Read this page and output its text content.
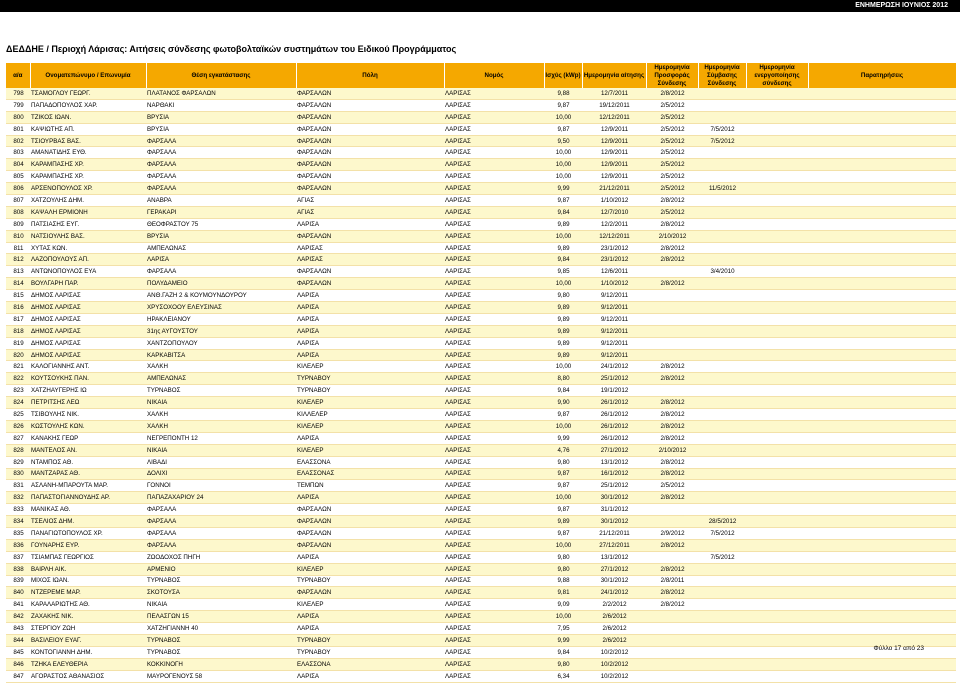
ΕΝΗΜΕΡΩΣΗ ΙΟΥΝΙΟΣ 2012
ΔΕΔΔΗΕ / Περιοχή Λάρισας: Αιτήσεις σύνδεσης φωτοβολταϊκών συστημάτων του Ειδικού Προγράμματος
α/α	Ονοματεπώνυμο / Επωνυμία	Θέση εγκατάστασης	Πόλη	Νομός	Ισχύς (kWp)	Ημερομηνία αίτησης	Ημερομηνία Προσφοράς Σύνδεσης	Ημερομηνία Σύμβασης Σύνδεσης	Ημερομηνία ενεργοποίησης σύνδεσης	Παρατηρήσεις
798	ΤΣΑΜΟΓΛΟΥ ΓΕΩΡΓ.	ΠΛΑΤΑΝΟΣ ΦΑΡΣΑΛΩΝ	ΦΑΡΣΑΛΩΝ	ΛΑΡΙΣΑΣ	9,88	12/7/2011	2/8/2012			
799	ΠΑΠΑΔΟΠΟΥΛΟΣ ΧΑΡ.	ΝΑΡΘΑΚΙ	ΦΑΡΣΑΛΩΝ	ΛΑΡΙΣΑΣ	9,87	19/12/2011	2/5/2012			
800	ΤΖΙΚΟΣ ΙΩΑΝ.	ΒΡΥΣΙΑ	ΦΑΡΣΑΛΩΝ	ΛΑΡΙΣΑΣ	10,00	12/12/2011	2/5/2012			
801	ΚΑΨΙΩΤΗΣ ΑΠ.	ΒΡΥΣΙΑ	ΦΑΡΣΑΛΩΝ	ΛΑΡΙΣΑΣ	9,87	12/9/2011	2/5/2012	7/5/2012		
802	ΤΣΙΟΥΡΒΑΣ ΒΑΣ.	ΦΑΡΣΑΛΑ	ΦΑΡΣΑΛΩΝ	ΛΑΡΙΣΑΣ	9,50	12/9/2011	2/5/2012	7/5/2012		
803	ΑΜΑΝΑΤΙΔΗΣ ΕΥΘ.	ΦΑΡΣΑΛΑ	ΦΑΡΣΑΛΩΝ	ΛΑΡΙΣΑΣ	10,00	12/9/2011	2/5/2012			
804	ΚΑΡΑΜΠΑΣΗΣ ΧΡ.	ΦΑΡΣΑΛΑ	ΦΑΡΣΑΛΩΝ	ΛΑΡΙΣΑΣ	10,00	12/9/2011	2/5/2012			
805	ΚΑΡΑΜΠΑΣΗΣ ΧΡ.	ΦΑΡΣΑΛΑ	ΦΑΡΣΑΛΩΝ	ΛΑΡΙΣΑΣ	10,00	12/9/2011	2/5/2012			
806	ΑΡΣΕΝΟΠΟΥΛΟΣ ΧΡ.	ΦΑΡΣΑΛΑ	ΦΑΡΣΑΛΩΝ	ΛΑΡΙΣΑΣ	9,99	21/12/2011	2/5/2012	11/5/2012		
807	ΧΑΤΖΟΥΛΗΣ ΔΗΜ.	ΑΝΑΒΡΑ	ΑΓΙΑΣ	ΛΑΡΙΣΑΣ	9,87	1/10/2012	2/8/2012			
808	ΚΑΨΑΛΗ ΕΡΜΙΟΝΗ	ΓΕΡΑΚΑΡΙ	ΑΓΙΑΣ	ΛΑΡΙΣΑΣ	9,84	12/7/2010	2/5/2012			
809	ΠΑΤΣΙΑΣΗΣ ΕΥΓ.	ΘΕΟΦΡΑΣΤΟΥ 75	ΛΑΡΙΣΑ	ΛΑΡΙΣΑΣ	9,89	12/2/2011	2/8/2012			
810	ΝΑΤΣΙΟΥΛΗΣ ΒΑΣ.	ΒΡΥΣΙΑ	ΦΑΡΣΑΛΩΝ	ΛΑΡΙΣΑΣ	10,00	12/12/2011	2/10/2012			
811	ΧΥΤΑΣ ΚΩΝ.	ΑΜΠΕΛΩΝΑΣ	ΛΑΡΙΣΑΣ	ΛΑΡΙΣΑΣ	9,89	23/1/2012	2/8/2012			
812	ΛΑΖΟΠΟΥΛΟΥΣ ΑΠ.	ΛΑΡΙΣΑ	ΛΑΡΙΣΑΣ	ΛΑΡΙΣΑΣ	9,84	23/1/2012	2/8/2012			
813	ΑΝΤΩΝΟΠΟΥΛΟΣ ΕΥΑ	ΦΑΡΣΑΛΑ	ΦΑΡΣΑΛΩΝ	ΛΑΡΙΣΑΣ	9,85	12/6/2011		3/4/2010		
814	ΒΟΥΛΓΑΡΗ ΠΑΡ.	ΠΟΛΥΔΑΜΕΙΟ	ΦΑΡΣΑΛΩΝ	ΛΑΡΙΣΑΣ	10,00	1/10/2012	2/8/2012			
815	ΔΗΜΟΣ ΛΑΡΙΣΑΣ	ΑΝΘ.ΓΑΖΗ 2 & ΚΟΥΜΟΥΝΔΟΥΡΟΥ	ΛΑΡΙΣΑ	ΛΑΡΙΣΑΣ	9,80	9/12/2011				
816	ΔΗΜΟΣ ΛΑΡΙΣΑΣ	ΧΡΥΣΟΧΟΟΥ ΕΛΕΥΣΙΝΑΣ	ΛΑΡΙΣΑ	ΛΑΡΙΣΑΣ	9,89	9/12/2011				
817	ΔΗΜΟΣ ΛΑΡΙΣΑΣ	ΗΡΑΚΛΕΙΑΝΟΥ	ΛΑΡΙΣΑ	ΛΑΡΙΣΑΣ	9,89	9/12/2011				
818	ΔΗΜΟΣ ΛΑΡΙΣΑΣ	31ης ΑΥΓΟΥΣΤΟΥ	ΛΑΡΙΣΑ	ΛΑΡΙΣΑΣ	9,89	9/12/2011				
819	ΔΗΜΟΣ ΛΑΡΙΣΑΣ	ΧΑΝΤΖΟΠΟΥΛΟΥ	ΛΑΡΙΣΑ	ΛΑΡΙΣΑΣ	9,89	9/12/2011				
820	ΔΗΜΟΣ ΛΑΡΙΣΑΣ	ΚΑΡΚΑΒΙΤΣΑ	ΛΑΡΙΣΑ	ΛΑΡΙΣΑΣ	9,89	9/12/2011				
821	ΚΑΛΟΓΙΑΝΝΗΣ ΑΝΤ.	ΧΑΛΚΗ	ΚΙΛΕΛΕΡ	ΛΑΡΙΣΑΣ	10,00	24/1/2012	2/8/2012			
822	ΚΟΥΤΣΟΥΚΗΣ ΠΑΝ.	ΑΜΠΕΛΩΝΑΣ	ΤΥΡΝΑΒΟΥ	ΛΑΡΙΣΑΣ	8,80	25/1/2012	2/8/2012			
823	ΧΑΤΖΗΑΥΓΕΡΗΣ ΙΩ	ΤΥΡΝΑΒΟΣ	ΤΥΡΝΑΒΟΥ	ΛΑΡΙΣΑΣ	9,84	19/1/2012				
824	ΠΕΤΡΙΤΣΗΣ ΛΕΩ	ΝΙΚΑΙΑ	ΚΙΛΕΛΕΡ	ΛΑΡΙΣΑΣ	9,90	26/1/2012	2/8/2012			
825	ΤΣΙΒΟΥΛΗΣ ΝΙΚ.	ΧΑΛΚΗ	ΚΙΛΛΕΛΕΡ	ΛΑΡΙΣΑΣ	9,87	26/1/2012	2/8/2012			
826	ΚΩΣΤΟΥΛΗΣ ΚΩΝ.	ΧΑΛΚΗ	ΚΙΛΕΛΕΡ	ΛΑΡΙΣΑΣ	10,00	26/1/2012	2/8/2012			
827	ΚΑΝΑΚΗΣ ΓΕΩΡ	ΝΕΓΡΕΠΟΝΤΗ 12	ΛΑΡΙΣΑ	ΛΑΡΙΣΑΣ	9,99	26/1/2012	2/8/2012			
828	ΜΑΝΤΕΛΟΣ ΑΝ.	ΝΙΚΑΙΑ	ΚΙΛΕΛΕΡ	ΛΑΡΙΣΑΣ	4,76	27/1/2012	2/10/2012			
829	ΝΤΑΜΠΟΣ ΑΘ.	ΛΙΒΑΔΙ	ΕΛΑΣΣΟΝΑ	ΛΑΡΙΣΑΣ	9,80	13/1/2012	2/8/2012			
830	ΜΑΝΤΖΑΡΑΣ ΑΘ.	ΔΟΛΙΧΙ	ΕΛΑΣΣΟΝΑΣ	ΛΑΡΙΣΑΣ	9,87	16/1/2012	2/8/2012			
831	ΑΣΛΑΝΗ-ΜΠΑΡΟΥΤΑ ΜΑΡ.	ΓΟΝΝΟΙ	ΤΕΜΠΩΝ	ΛΑΡΙΣΑΣ	9,87	25/1/2012	2/5/2012			
832	ΠΑΠΑΣΤΟΓΙΑΝΝΟΥΔΗΣ ΑΡ.	ΠΑΠΑΖΑΧΑΡΙΟΥ 24	ΛΑΡΙΣΑ	ΛΑΡΙΣΑΣ	10,00	30/1/2012	2/8/2012			
833	ΜΑΝΙΚΑΣ ΑΘ.	ΦΑΡΣΑΛΑ	ΦΑΡΣΑΛΩΝ	ΛΑΡΙΣΑΣ	9,87	31/1/2012				
834	ΤΣΕΛΙΟΣ ΔΗΜ.	ΦΑΡΣΑΛΑ	ΦΑΡΣΑΛΩΝ	ΛΑΡΙΣΑΣ	9,89	30/1/2012		28/5/2012		
835	ΠΑΝΑΓΙΩΤΟΠΟΥΛΟΣ ΧΡ.	ΦΑΡΣΑΛΑ	ΦΑΡΣΑΛΩΝ	ΛΑΡΙΣΑΣ	9,87	21/12/2011	2/9/2012	7/5/2012		
836	ΓΟΥΝΑΡΗΣ ΕΥΡ.	ΦΑΡΣΑΛΑ	ΦΑΡΣΑΛΩΝ	ΛΑΡΙΣΑΣ	10,00	27/12/2011	2/8/2012			
837	ΤΣΙΑΜΠΑΣ ΓΕΩΡΓΙΟΣ	ΖΩΟΔΟΧΟΣ ΠΗΓΗ	ΛΑΡΙΣΑ	ΛΑΡΙΣΑΣ	9,80	13/1/2012		7/5/2012		
838	ΒΑΙΡΛΗ ΑΙΚ.	ΑΡΜΕΝΙΟ	ΚΙΛΕΛΕΡ	ΛΑΡΙΣΑΣ	9,80	27/1/2012	2/8/2012			
839	ΜΙΧΟΣ ΙΩΑΝ.	ΤΥΡΝΑΒΟΣ	ΤΥΡΝΑΒΟΥ	ΛΑΡΙΣΑΣ	9,88	30/1/2012	2/8/2011			
840	ΝΤΖΕΡΕΜΕ ΜΑΡ.	ΣΚΟΤΟΥΣΑ	ΦΑΡΣΑΛΩΝ	ΛΑΡΙΣΑΣ	9,81	24/1/2012	2/8/2012			
841	ΚΑΡΑΛΑΡΙΩΤΗΣ ΑΘ.	ΝΙΚΑΙΑ	ΚΙΛΕΛΕΡ	ΛΑΡΙΣΑΣ	9,09	2/2/2012	2/8/2012			
842	ΖΑΧΑΚΗΣ ΝΙΚ.	ΠΕΛΑΣΓΩΝ 15	ΛΑΡΙΣΑ	ΛΑΡΙΣΑΣ	10,00	2/6/2012				
843	ΣΤΕΡΓΙΟΥ ΖΩΗ	ΧΑΤΖΗΓΙΑΝΝΗ 40	ΛΑΡΙΣΑ	ΛΑΡΙΣΑΣ	7,95	2/6/2012				
844	ΒΑΣΙΛΕΙΟΥ ΕΥΑΓ.	ΤΥΡΝΑΒΟΣ	ΤΥΡΝΑΒΟΥ	ΛΑΡΙΣΑΣ	9,99	2/6/2012				
845	ΚΟΝΤΟΓΙΑΝΝΗ ΔΗΜ.	ΤΥΡΝΑΒΟΣ	ΤΥΡΝΑΒΟΥ	ΛΑΡΙΣΑΣ	9,84	10/2/2012				
846	ΤΖΗΚΑ ΕΛΕΥΘΕΡΙΑ	ΚΟΚΚΙΝΟΓΗ	ΕΛΑΣΣΟΝΑ	ΛΑΡΙΣΑΣ	9,80	10/2/2012				
847	ΑΓΟΡΑΣΤΟΣ ΑΘΑΝΑΣΙΟΣ	ΜΑΥΡΟΓΕΝΟΥΣ 58	ΛΑΡΙΣΑ	ΛΑΡΙΣΑΣ	6,34	10/2/2012				
Φύλλο 17 από 23
